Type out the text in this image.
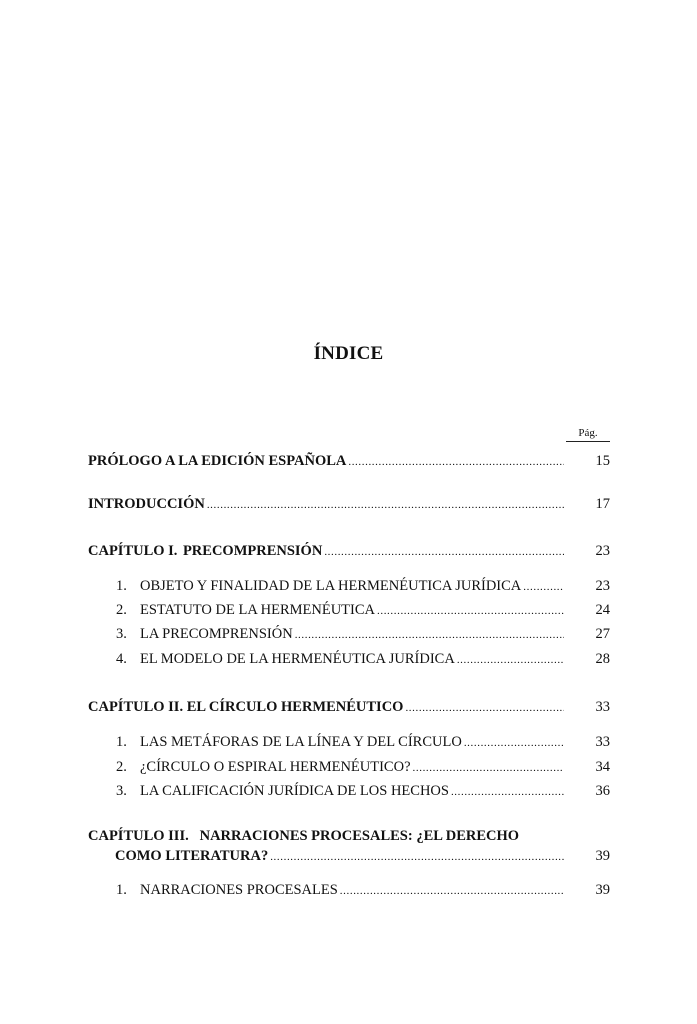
ÍNDICE
Pág.
PRÓLOGO A LA EDICIÓN ESPAÑOLA .....	15
INTRODUCCIÓN .....	17
CAPÍTULO I. PRECOMPRENSIÓN .....	23
1. OBJETO Y FINALIDAD DE LA HERMENÉUTICA JURÍDICA .....	23
2. ESTATUTO DE LA HERMENÉUTICA .....	24
3. LA PRECOMPRENSIÓN .....	27
4. EL MODELO DE LA HERMENÉUTICA JURÍDICA .....	28
CAPÍTULO II. EL CÍRCULO HERMENÉUTICO .....	33
1. LAS METÁFORAS DE LA LÍNEA Y DEL CÍRCULO .....	33
2. ¿CÍRCULO O ESPIRAL HERMENÉUTICO? .....	34
3. LA CALIFICACIÓN JURÍDICA DE LOS HECHOS .....	36
CAPÍTULO III. NARRACIONES PROCESALES: ¿EL DERECHO
COMO LITERATURA? .....	39
1. NARRACIONES PROCESALES .....	39
